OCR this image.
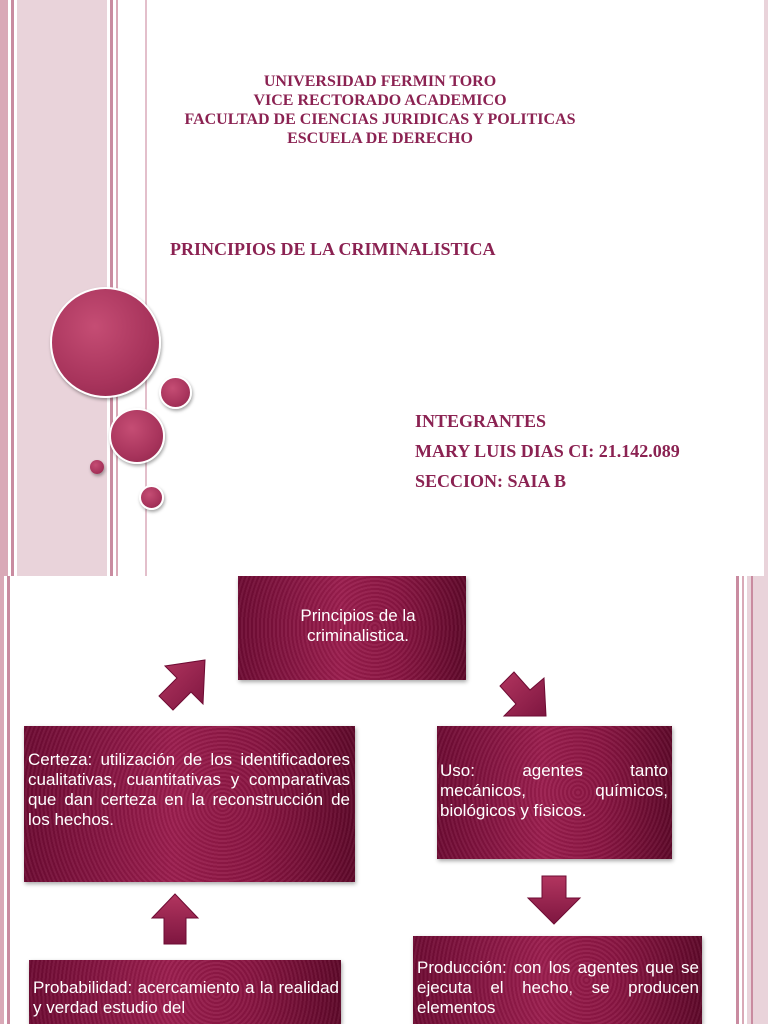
UNIVERSIDAD FERMIN TORO
VICE RECTORADO ACADEMICO
FACULTAD DE CIENCIAS JURIDICAS Y POLITICAS
ESCUELA DE DERECHO
PRINCIPIOS DE LA CRIMINALISTICA
INTEGRANTES
MARY LUIS DIAS CI: 21.142.089
SECCION: SAIA B
Principios de la criminalistica.
Certeza: utilización de los identificadores cualitativas, cuantitativas y comparativas que dan certeza en la reconstrucción de los hechos.
Uso: agentes tanto mecánicos, químicos, biológicos y físicos.
Probabilidad: acercamiento a la realidad y verdad estudio del
Producción: con los agentes que se ejecuta el hecho, se producen elementos
